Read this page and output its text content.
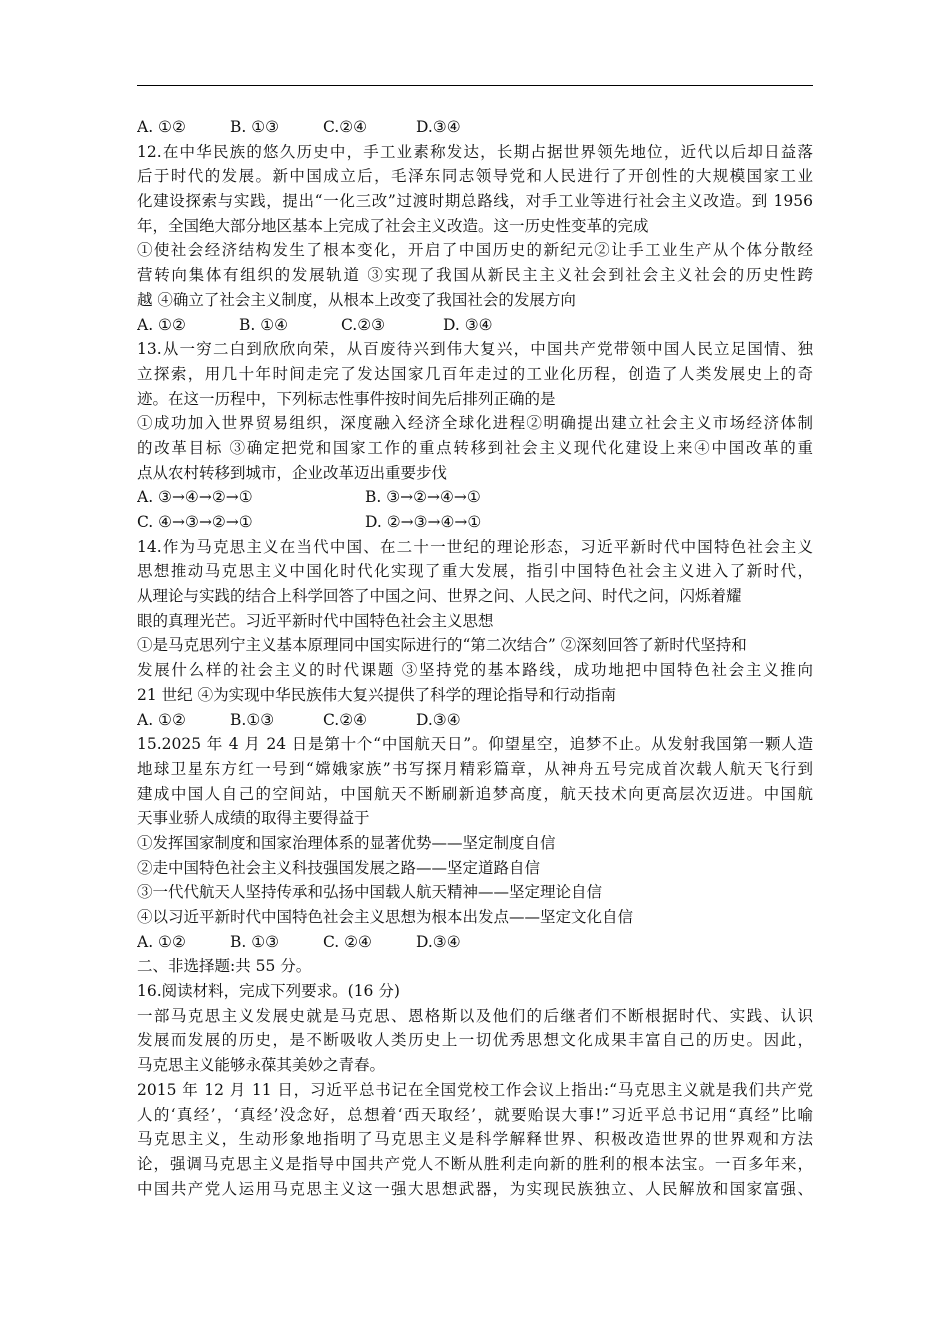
A. ①②	B. ①③	C.②④	D.③④
12.在中华民族的悠久历史中，手工业素称发达，长期占据世界领先地位，近代以后却日益落
后于时代的发展。新中国成立后，毛泽东同志领导党和人民进行了开创性的大规模国家工业
化建设探索与实践，提出“一化三改”过渡时期总路线，对手工业等进行社会主义改造。到 1956
年，全国绝大部分地区基本上完成了社会主义改造。这一历史性变革的完成
①使社会经济结构发生了根本变化，开启了中国历史的新纪元②让手工业生产从个体分散经
营转向集体有组织的发展轨道 ③实现了我国从新民主主义社会到社会主义社会的历史性跨
越 ④确立了社会主义制度，从根本上改变了我国社会的发展方向
A. ①②	B. ①④	C.②③	D. ③④
13.从一穷二白到欣欣向荣，从百废待兴到伟大复兴，中国共产党带领中国人民立足国情、独
立探索，用几十年时间走完了发达国家几百年走过的工业化历程，创造了人类发展史上的奇
迹。在这一历程中，下列标志性事件按时间先后排列正确的是
①成功加入世界贸易组织，深度融入经济全球化进程②明确提出建立社会主义市场经济体制
的改革目标 ③确定把党和国家工作的重点转移到社会主义现代化建设上来④中国改革的重
点从农村转移到城市，企业改革迈出重要步伐
A. ③→④→②→①	B. ③→②→④→①
C. ④→③→②→①	D. ②→③→④→①
14.作为马克思主义在当代中国、在二十一世纪的理论形态，习近平新时代中国特色社会主义
思想推动马克思主义中国化时代化实现了重大发展，指引中国特色社会主义进入了新时代，
从理论与实践的结合上科学回答了中国之问、世界之问、人民之问、时代之问，闪烁着耀
眼的真理光芒。习近平新时代中国特色社会主义思想
①是马克思列宁主义基本原理同中国实际进行的“第二次结合” ②深刻回答了新时代坚持和
发展什么样的社会主义的时代课题 ③坚持党的基本路线，成功地把中国特色社会主义推向
21 世纪 ④为实现中华民族伟大复兴提供了科学的理论指导和行动指南
A. ①②	B.①③	C.②④	D.③④
15.2025 年 4 月 24 日是第十个“中国航天日”。仰望星空，追梦不止。从发射我国第一颗人造
地球卫星东方红一号到“嫦娥家族”书写探月精彩篇章，从神舟五号完成首次载人航天飞行到
建成中国人自己的空间站，中国航天不断刷新追梦高度，航天技术向更高层次迈进。中国航
天事业骄人成绩的取得主要得益于
①发挥国家制度和国家治理体系的显著优势——坚定制度自信
②走中国特色社会主义科技强国发展之路——坚定道路自信
③一代代航天人坚持传承和弘扬中国载人航天精神——坚定理论自信
④以习近平新时代中国特色社会主义思想为根本出发点——坚定文化自信
A. ①②	B. ①③	C. ②④	D.③④
二、非选择题:共 55 分。
16.阅读材料，完成下列要求。(16 分)
一部马克思主义发展史就是马克思、恩格斯以及他们的后继者们不断根据时代、实践、认识
发展而发展的历史，是不断吸收人类历史上一切优秀思想文化成果丰富自己的历史。因此，
马克思主义能够永葆其美妙之青春。
2015 年 12 月 11 日，习近平总书记在全国党校工作会议上指出:“马克思主义就是我们共产党
人的‘真经’，‘真经’没念好，总想着‘西天取经’，就要贻误大事!”习近平总书记用“真经”比喻
马克思主义，生动形象地指明了马克思主义是科学解释世界、积极改造世界的世界观和方法
论，强调马克思主义是指导中国共产党人不断从胜利走向新的胜利的根本法宝。一百多年来，
中国共产党人运用马克思主义这一强大思想武器，为实现民族独立、人民解放和国家富强、
